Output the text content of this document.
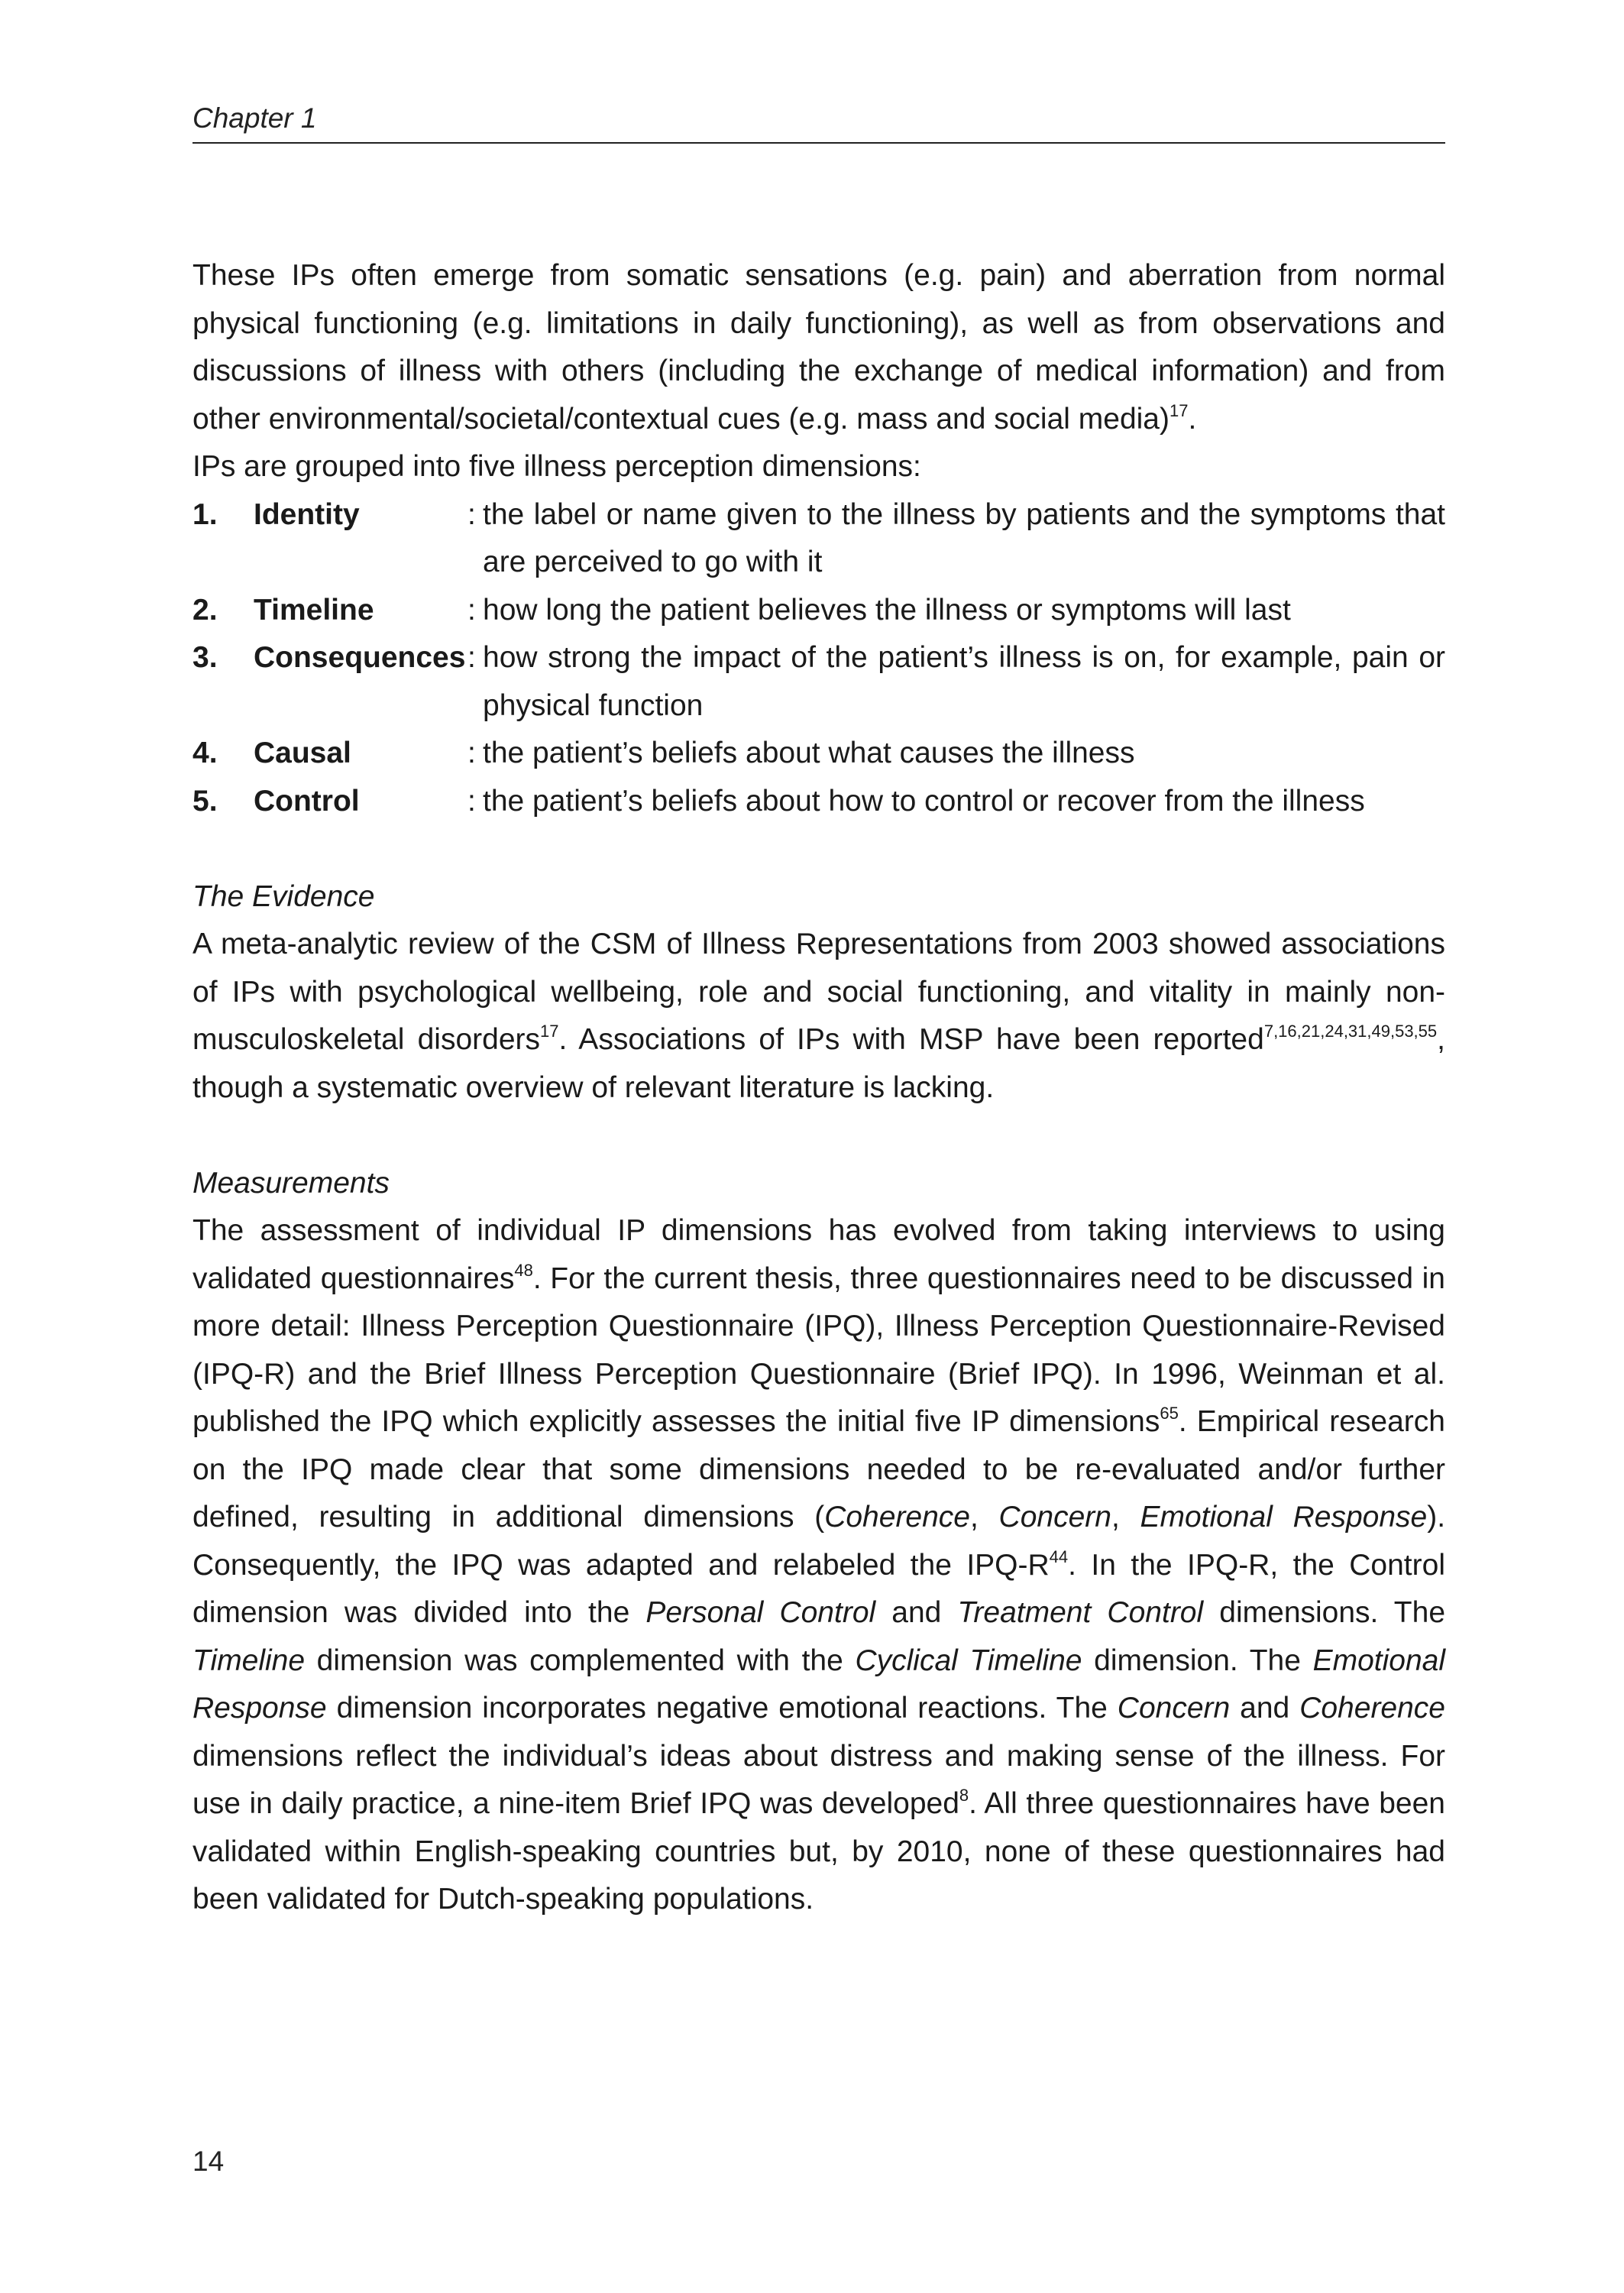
Chapter 1

These IPs often emerge from somatic sensations (e.g. pain) and aberration from normal physical functioning (e.g. limitations in daily functioning), as well as from observations and discussions of illness with others (including the exchange of medical information) and from other environmental/societal/contextual cues (e.g. mass and social media)$^{17}$.

IPs are grouped into five illness perception dimensions:

1.	Identity	: the label or name given to the illness by patients and the symptoms that are perceived to go with it
2.	Timeline	: how long the patient believes the illness or symptoms will last
3.	Consequences : how strong the impact of the patient’s illness is on, for example, pain or physical function
4.	Causal	: the patient’s beliefs about what causes the illness
5.	Control	: the patient’s beliefs about how to control or recover from the illness

The Evidence

A meta-analytic review of the CSM of Illness Representations from 2003 showed associations of IPs with psychological wellbeing, role and social functioning, and vitality in mainly non-musculoskeletal disorders$^{17}$. Associations of IPs with MSP have been reported$^{7,16,21,24,31,49,53,55}$, though a systematic overview of relevant literature is lacking.

Measurements

The assessment of individual IP dimensions has evolved from taking interviews to using validated questionnaires$^{48}$. For the current thesis, three questionnaires need to be discussed in more detail: Illness Perception Questionnaire (IPQ), Illness Perception Questionnaire-Revised (IPQ-R) and the Brief Illness Perception Questionnaire (Brief IPQ). In 1996, Weinman et al. published the IPQ which explicitly assesses the initial five IP dimensions$^{65}$. Empirical research on the IPQ made clear that some dimensions needed to be re-evaluated and/or further defined, resulting in additional dimensions (Coherence, Concern, Emotional Response). Consequently, the IPQ was adapted and relabeled the IPQ-$R^{44}$. In the IPQ-R, the Control dimension was divided into the Personal Control and Treatment Control dimensions. The Timeline dimension was complemented with the Cyclical Timeline dimension. The Emotional Response dimension incorporates negative emotional reactions. The Concern and Coherence dimensions reflect the individual’s ideas about distress and making sense of the illness. For use in daily practice, a nine-item Brief IPQ was developed$^8$. All three questionnaires have been validated within English-speaking countries but, by 2010, none of these questionnaires had been validated for Dutch-speaking populations.

14
